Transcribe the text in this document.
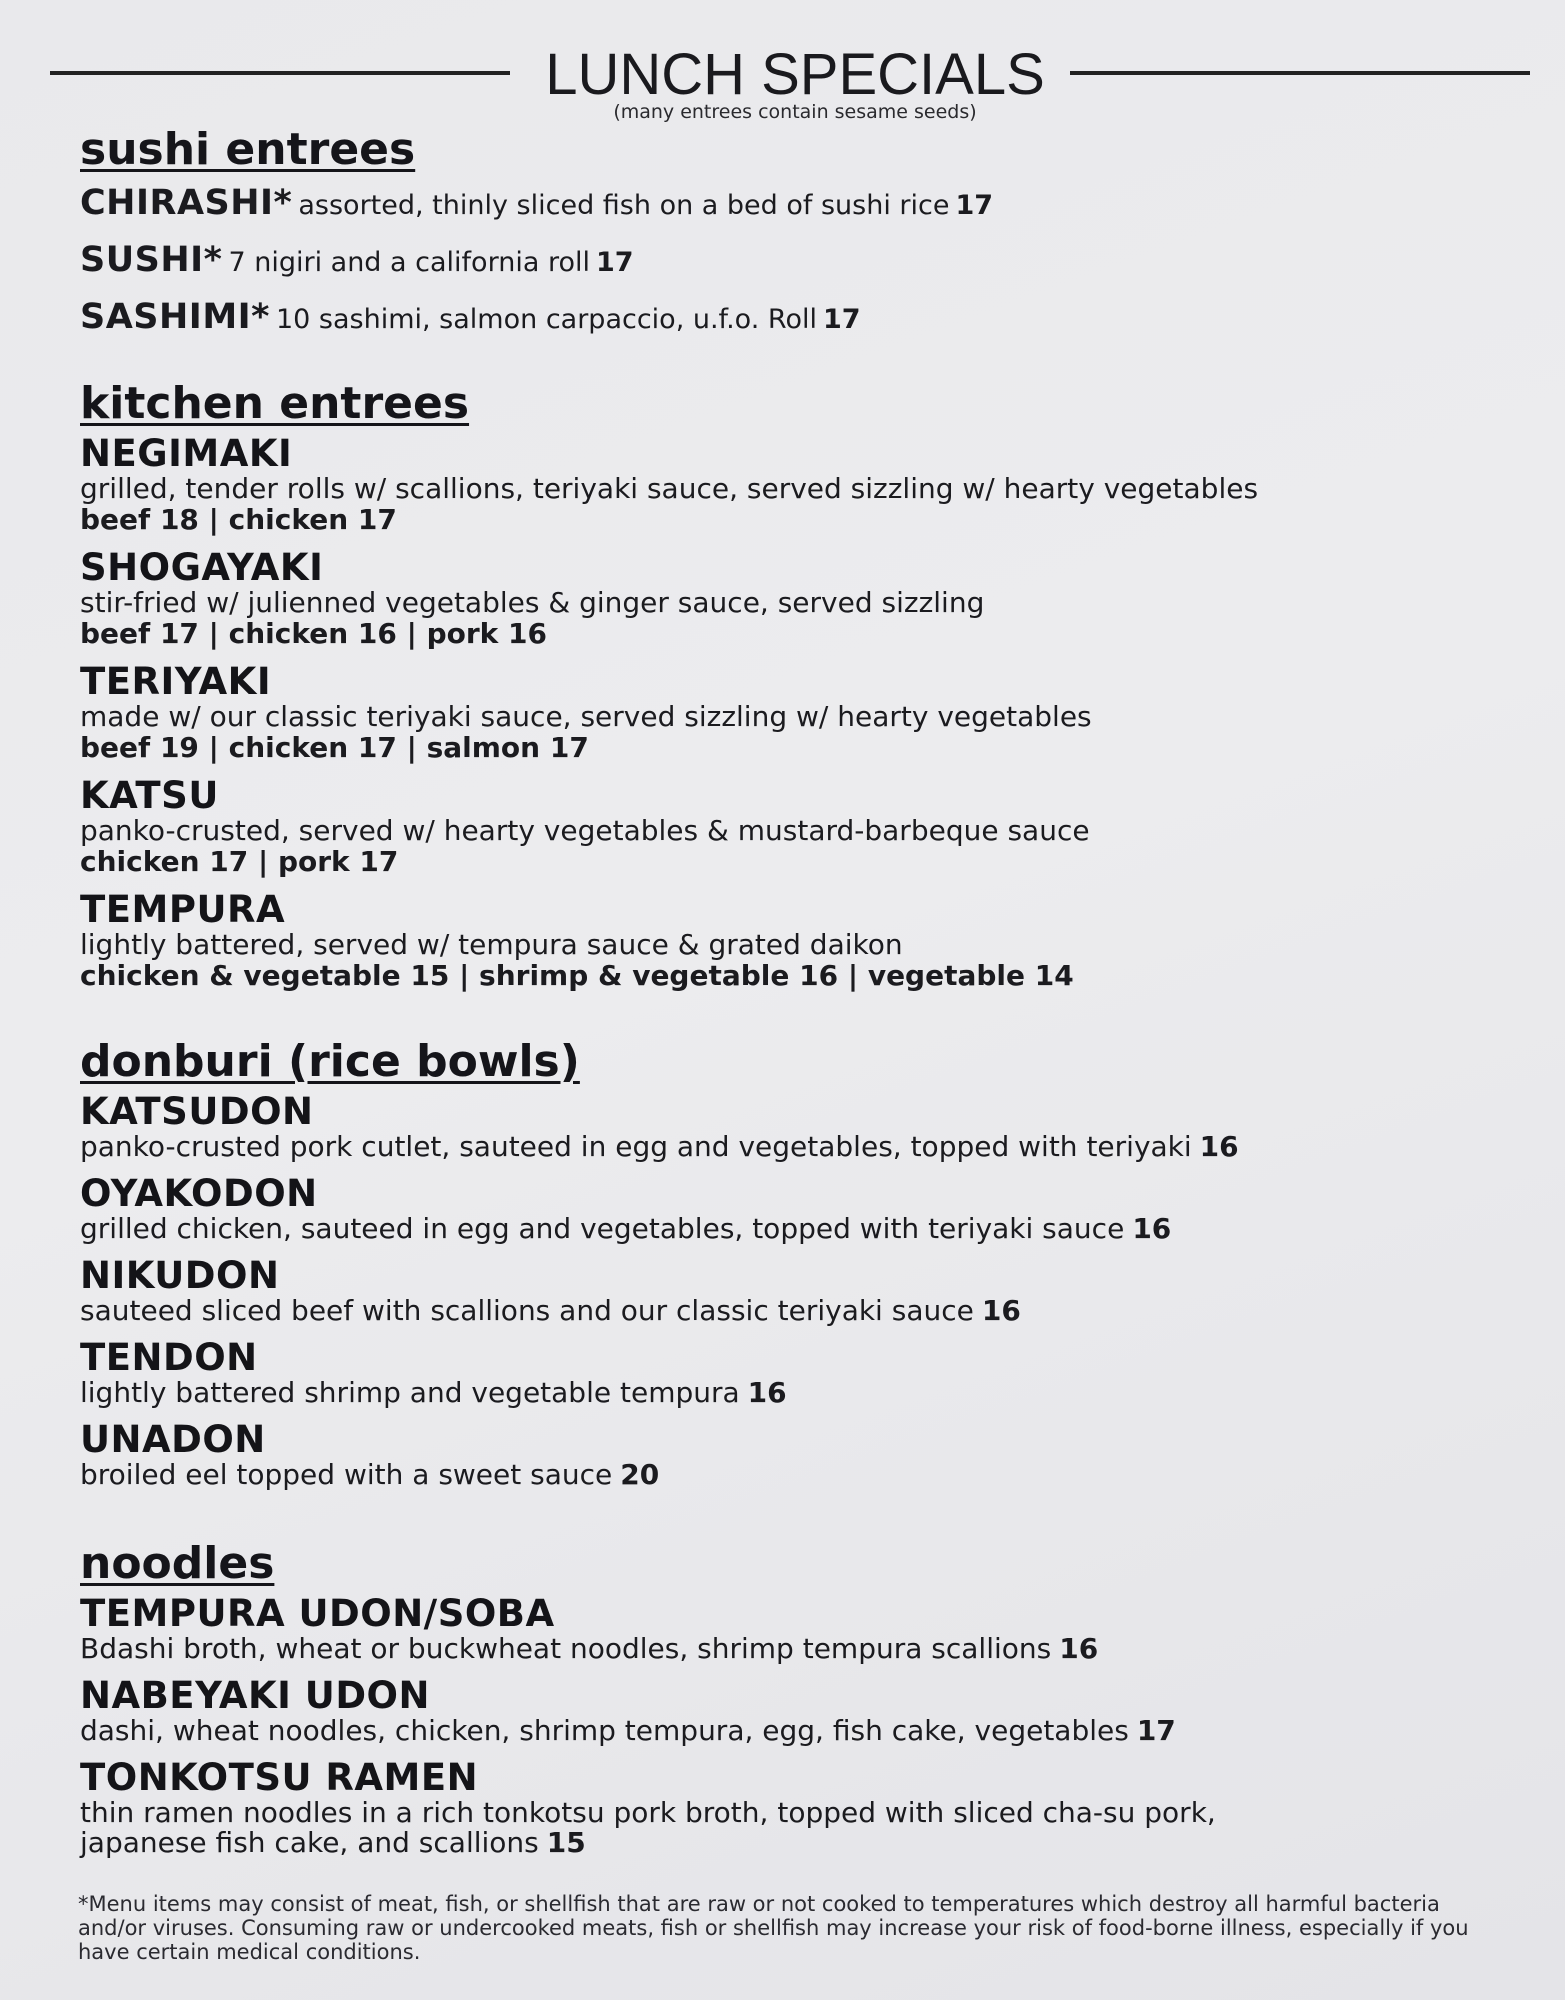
LUNCH SPECIALS
(many entrees contain sesame seeds)
sushi entrees
CHIRASHI* assorted, thinly sliced fish on a bed of sushi rice 17
SUSHI* 7 nigiri and a california roll 17
SASHIMI* 10 sashimi, salmon carpaccio, u.f.o. Roll 17
kitchen entrees
NEGIMAKI
grilled, tender rolls w/ scallions, teriyaki sauce, served sizzling w/ hearty vegetables
beef 18 | chicken 17
SHOGAYAKI
stir-fried w/ julienned vegetables & ginger sauce, served sizzling
beef 17 | chicken 16 | pork 16
TERIYAKI
made w/ our classic teriyaki sauce, served sizzling w/ hearty vegetables
beef 19 | chicken 17 | salmon 17
KATSU
panko-crusted, served w/ hearty vegetables & mustard-barbeque sauce
chicken 17 | pork 17
TEMPURA
lightly battered, served w/ tempura sauce & grated daikon
chicken & vegetable 15 | shrimp & vegetable 16 | vegetable 14
donburi (rice bowls)
KATSUDON
panko-crusted pork cutlet, sauteed in egg and vegetables, topped with teriyaki 16
OYAKODON
grilled chicken, sauteed in egg and vegetables, topped with teriyaki sauce 16
NIKUDON
sauteed sliced beef with scallions and our classic teriyaki sauce 16
TENDON
lightly battered shrimp and vegetable tempura 16
UNADON
broiled eel topped with a sweet sauce 20
noodles
TEMPURA UDON/SOBA
Bdashi broth, wheat or buckwheat noodles, shrimp tempura scallions 16
NABEYAKI UDON
dashi, wheat noodles, chicken, shrimp tempura, egg, fish cake, vegetables 17
TONKOTSU RAMEN
thin ramen noodles in a rich tonkotsu pork broth, topped with sliced cha-su pork,
japanese fish cake, and scallions 15
*Menu items may consist of meat, fish, or shellfish that are raw or not cooked to temperatures which destroy all harmful bacteria and/or viruses. Consuming raw or undercooked meats, fish or shellfish may increase your risk of food-borne illness, especially if you have certain medical conditions.
